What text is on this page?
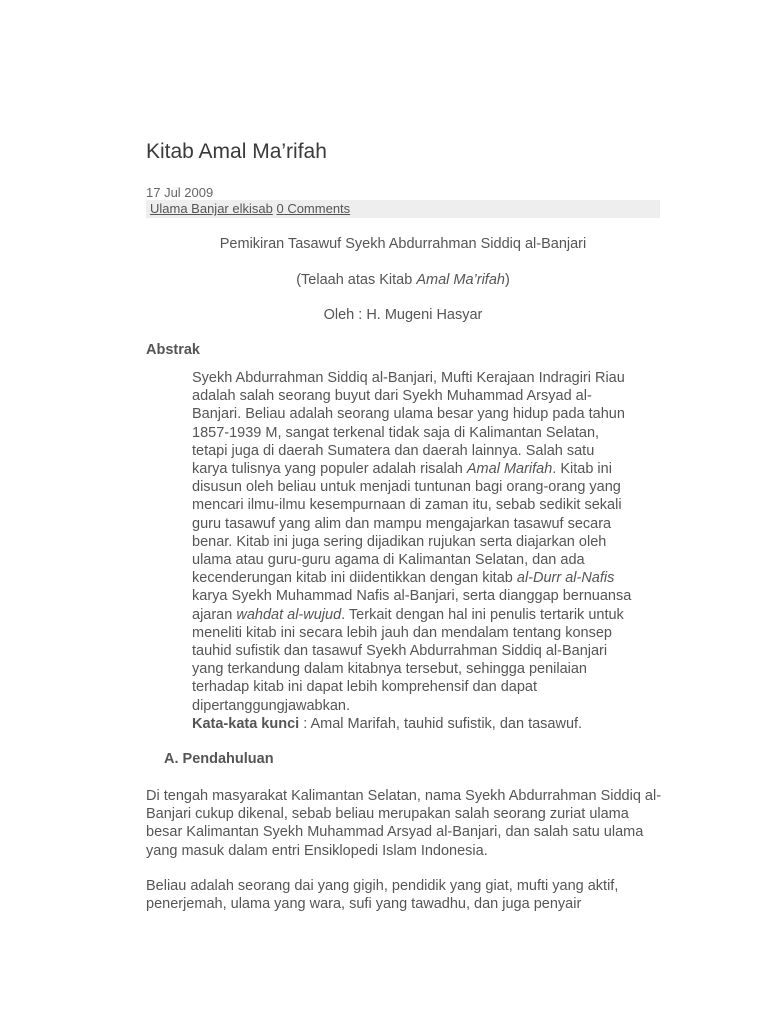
Kitab Amal Ma’rifah
17 Jul 2009
Ulama Banjar elkisab 0 Comments
Pemikiran Tasawuf Syekh Abdurrahman Siddiq al-Banjari
(Telaah atas Kitab Amal Ma’rifah)
Oleh : H. Mugeni Hasyar
Abstrak
Syekh Abdurrahman Siddiq al-Banjari, Mufti Kerajaan Indragiri Riau adalah salah seorang buyut dari Syekh Muhammad Arsyad al-Banjari. Beliau adalah seorang ulama besar yang hidup pada tahun 1857-1939 M, sangat terkenal tidak saja di Kalimantan Selatan, tetapi juga di daerah Sumatera dan daerah lainnya. Salah satu karya tulisnya yang populer adalah risalah Amal Marifah. Kitab ini disusun oleh beliau untuk menjadi tuntunan bagi orang-orang yang mencari ilmu-ilmu kesempurnaan di zaman itu, sebab sedikit sekali guru tasawuf yang alim dan mampu mengajarkan tasawuf secara benar. Kitab ini juga sering dijadikan rujukan serta diajarkan oleh ulama atau guru-guru agama di Kalimantan Selatan, dan ada kecenderungan kitab ini diidentikkan dengan kitab al-Durr al-Nafis karya Syekh Muhammad Nafis al-Banjari, serta dianggap bernuansa ajaran wahdat al-wujud. Terkait dengan hal ini penulis tertarik untuk meneliti kitab ini secara lebih jauh dan mendalam tentang konsep tauhid sufistik dan tasawuf Syekh Abdurrahman Siddiq al-Banjari yang terkandung dalam kitabnya tersebut, sehingga penilaian terhadap kitab ini dapat lebih komprehensif dan dapat dipertanggungjawabkan.
Kata-kata kunci : Amal Marifah, tauhid sufistik, dan tasawuf.
A. Pendahuluan
Di tengah masyarakat Kalimantan Selatan, nama Syekh Abdurrahman Siddiq al-Banjari cukup dikenal, sebab beliau merupakan salah seorang zuriat ulama besar Kalimantan Syekh Muhammad Arsyad al-Banjari, dan salah satu ulama yang masuk dalam entri Ensiklopedi Islam Indonesia.
Beliau adalah seorang dai yang gigih, pendidik yang giat, mufti yang aktif, penerjemah, ulama yang wara, sufi yang tawadhu, dan juga penyair
